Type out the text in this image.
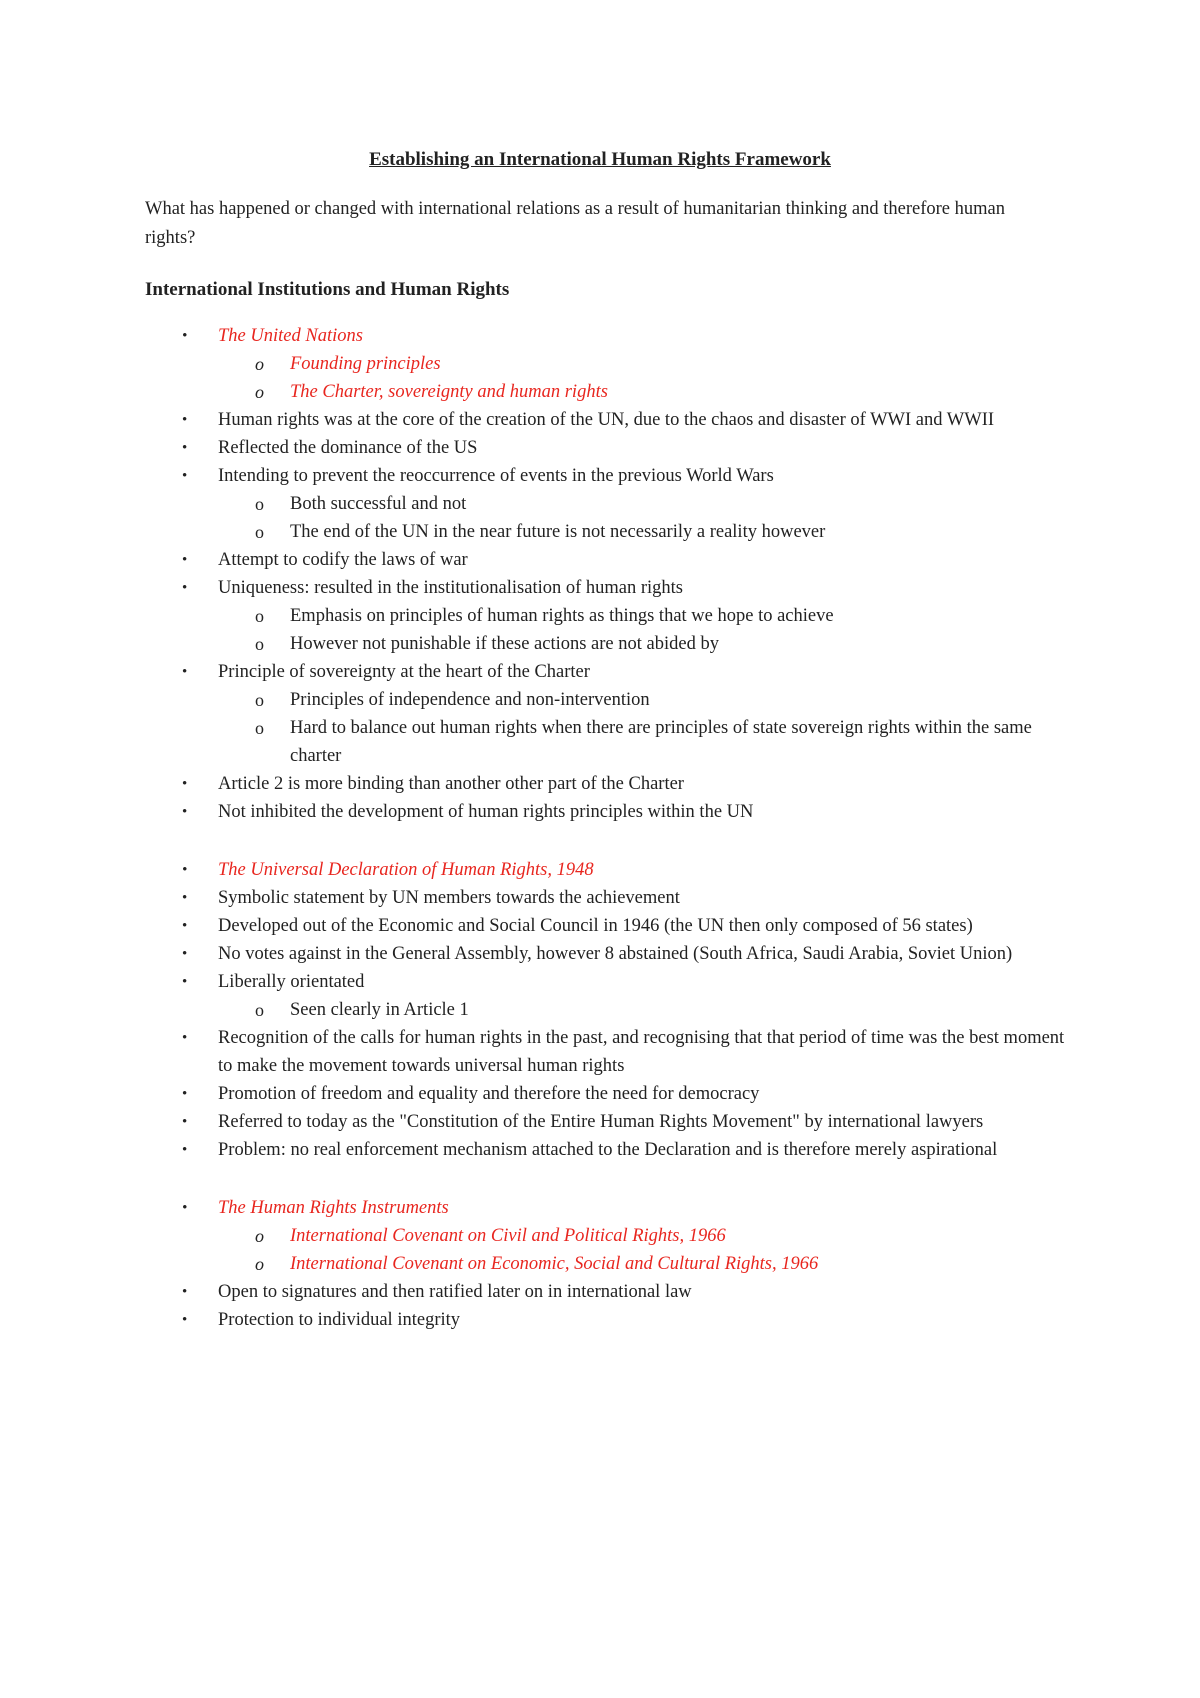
Establishing an International Human Rights Framework
What has happened or changed with international relations as a result of humanitarian thinking and therefore human rights?
International Institutions and Human Rights
• The United Nations
o Founding principles
o The Charter, sovereignty and human rights
• Human rights was at the core of the creation of the UN, due to the chaos and disaster of WWI and WWII
• Reflected the dominance of the US
• Intending to prevent the reoccurrence of events in the previous World Wars
o Both successful and not
o The end of the UN in the near future is not necessarily a reality however
• Attempt to codify the laws of war
• Uniqueness: resulted in the institutionalisation of human rights
o Emphasis on principles of human rights as things that we hope to achieve
o However not punishable if these actions are not abided by
• Principle of sovereignty at the heart of the Charter
o Principles of independence and non-intervention
o Hard to balance out human rights when there are principles of state sovereign rights within the same charter
• Article 2 is more binding than another other part of the Charter
• Not inhibited the development of human rights principles within the UN
• The Universal Declaration of Human Rights, 1948
• Symbolic statement by UN members towards the achievement
• Developed out of the Economic and Social Council in 1946 (the UN then only composed of 56 states)
• No votes against in the General Assembly, however 8 abstained (South Africa, Saudi Arabia, Soviet Union)
• Liberally orientated
o Seen clearly in Article 1
• Recognition of the calls for human rights in the past, and recognising that that period of time was the best moment to make the movement towards universal human rights
• Promotion of freedom and equality and therefore the need for democracy
• Referred to today as the "Constitution of the Entire Human Rights Movement" by international lawyers
• Problem: no real enforcement mechanism attached to the Declaration and is therefore merely aspirational
• The Human Rights Instruments
o International Covenant on Civil and Political Rights, 1966
o International Covenant on Economic, Social and Cultural Rights, 1966
• Open to signatures and then ratified later on in international law
• Protection to individual integrity
